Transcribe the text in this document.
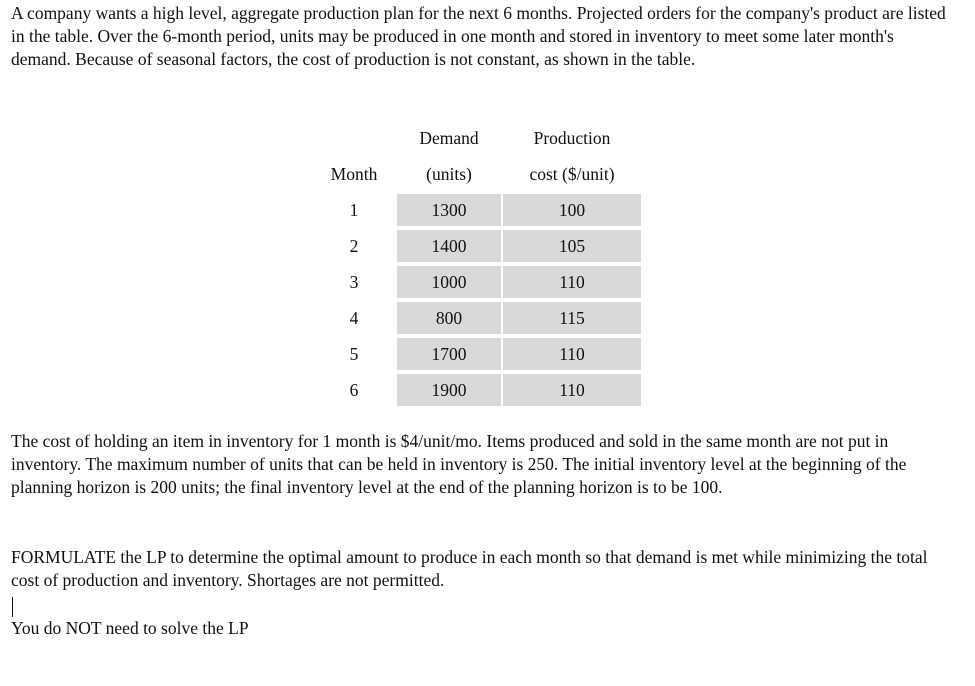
A company wants a high level, aggregate production plan for the next 6 months. Projected orders for the company's product are listed in the table. Over the 6-month period, units may be produced in one month and stored in inventory to meet some later month's demand. Because of seasonal factors, the cost of production is not constant, as shown in the table.

	Demand	Production
Month	(units)	cost ($/unit)
1	1300	100
2	1400	105
3	1000	110
4	800	115
5	1700	110
6	1900	110

The cost of holding an item in inventory for 1 month is $4/unit/mo. Items produced and sold in the same month are not put in inventory. The maximum number of units that can be held in inventory is 250. The initial inventory level at the beginning of the planning horizon is 200 units; the final inventory level at the end of the planning horizon is to be 100.

FORMULATE the LP to determine the optimal amount to produce in each month so that demand is met while minimizing the total cost of production and inventory. Shortages are not permitted.

You do NOT need to solve the LP
